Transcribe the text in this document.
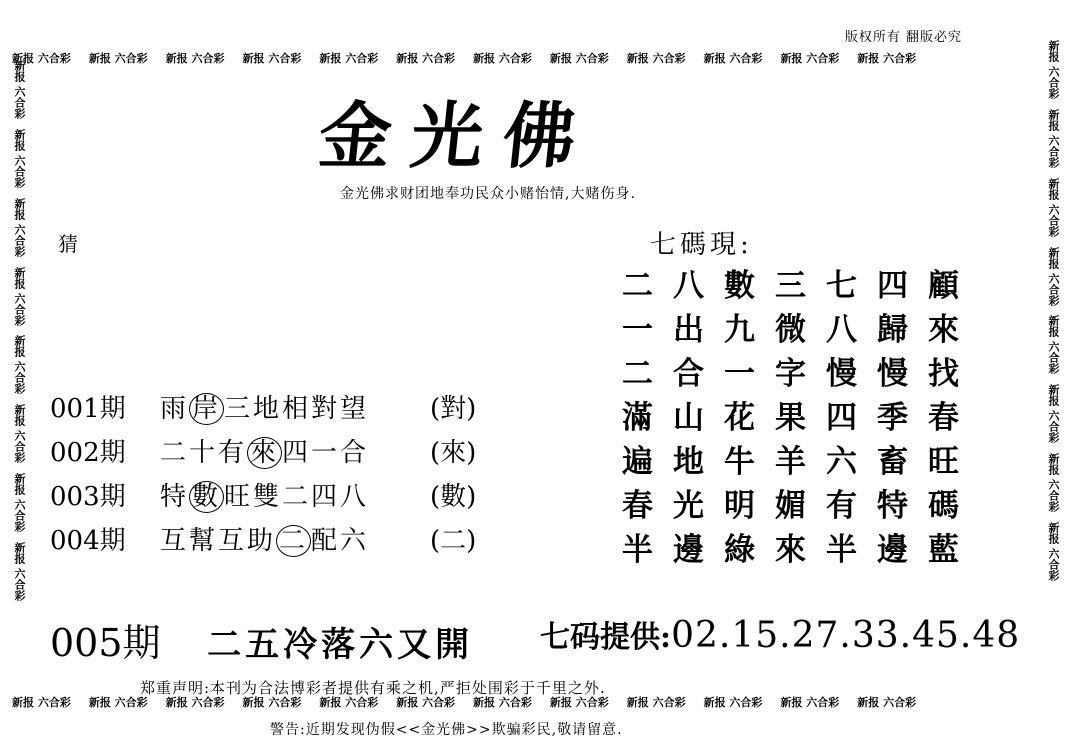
版权所有 翻版必究
新报 六合彩 新报 六合彩 新报 六合彩 新报 六合彩 新报 六合彩 新报 六合彩 新报 六合彩 新报 六合彩 新报 六合彩 新报 六合彩 新报 六合彩 新报 六合彩
新报 六合彩 新报 六合彩 新报 六合彩 新报 六合彩 新报 六合彩 新报 六合彩 新报 六合彩 新报 六合彩 新报 六合彩 新报 六合彩 新报 六合彩 新报 六合彩
新报 六合彩
新报 六合彩
新报 六合彩
新报 六合彩
新报 六合彩
新报 六合彩
新报 六合彩
新报 六合彩
新报 六合彩
新报 六合彩
新报 六合彩
新报 六合彩
新报 六合彩
新报 六合彩
新报 六合彩
新报 六合彩
金光佛
金光佛求财团地奉功民众小赌怡情,大赌伤身.
猜	七碼現:
二 八 數 三 七 四 顧
一 出 九 微 八 歸 來
二 合 一 字 慢 慢 找
滿 山 花 果 四 季 春
遍 地 牛 羊 六 畜 旺
春 光 明 媚 有 特 碼
半 邊 綠 來 半 邊 藍
001期	雨 岸 三地相對望	(對)
002期	二十有 來 四一合	(來)
003期	特 數 旺雙二四八	(數)
004期	互幫互助 二 配六	(二)
005期 二五冷落六又開 七码提供:02.15.27.33.45.48
郑重声明:本刊为合法博彩者提供有乘之机,严拒处围彩于千里之外.
警告:近期发现伪假<<金光佛>>欺骗彩民,敬请留意.
